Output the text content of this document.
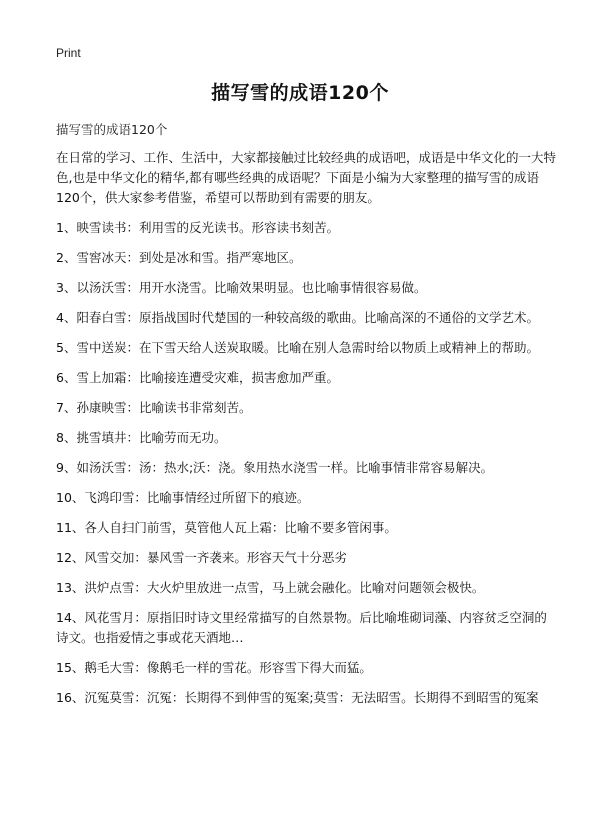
Print
描写雪的成语120个
描写雪的成语120个

在日常的学习、工作、生活中，大家都接触过比较经典的成语吧，成语是中华文化的一大特色,也是中华文化的精华,都有哪些经典的成语呢？下面是小编为大家整理的描写雪的成语120个，供大家参考借鉴，希望可以帮助到有需要的朋友。

1、映雪读书：利用雪的反光读书。形容读书刻苦。

2、雪窖冰天：到处是冰和雪。指严寒地区。

3、以汤沃雪：用开水浇雪。比喻效果明显。也比喻事情很容易做。

4、阳春白雪：原指战国时代楚国的一种较高级的歌曲。比喻高深的不通俗的文学艺术。

5、雪中送炭：在下雪天给人送炭取暖。比喻在别人急需时给以物质上或精神上的帮助。

6、雪上加霜：比喻接连遭受灾难，损害愈加严重。

7、孙康映雪：比喻读书非常刻苦。

8、挑雪填井：比喻劳而无功。

9、如汤沃雪：汤：热水;沃：浇。象用热水浇雪一样。比喻事情非常容易解决。

10、飞鸿印雪：比喻事情经过所留下的痕迹。

11、各人自扫门前雪，莫管他人瓦上霜：比喻不要多管闲事。

12、风雪交加：暴风雪一齐袭来。形容天气十分恶劣

13、洪炉点雪：大火炉里放进一点雪，马上就会融化。比喻对问题领会极快。

14、风花雪月：原指旧时诗文里经常描写的自然景物。后比喻堆砌词藻、内容贫乏空洞的诗文。也指爱情之事或花天酒地…

15、鹅毛大雪：像鹅毛一样的雪花。形容雪下得大而猛。

16、沉冤莫雪：沉冤：长期得不到伸雪的冤案;莫雪：无法昭雪。长期得不到昭雪的冤案
